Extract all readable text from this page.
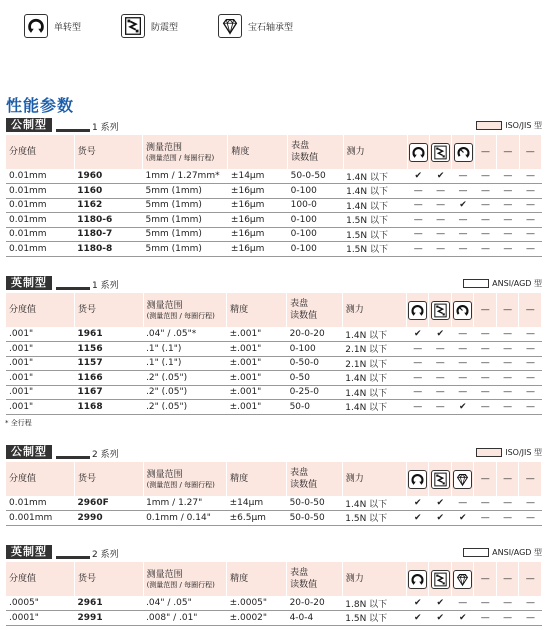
单转型	防震型	宝石轴承型
性能参数
公制型	1 系列	ISO/JIS 型
分度值	货号	测量范围
(测量范围 / 每圈行程)	精度	表盘
读数值	测力				—	—	—
0.01mm	1960	1mm / 1.27mm*	±14μm	50-0-50	1.4N 以下	✔	✔	—	—	—	—
0.01mm	1160	5mm (1mm)	±16μm	0-100	1.4N 以下	—	—	—	—	—	—
0.01mm	1162	5mm (1mm)	±16μm	100-0	1.4N 以下	—	—	✔	—	—	—
0.01mm	1180-6	5mm (1mm)	±16μm	0-100	1.5N 以下	—	—	—	—	—	—
0.01mm	1180-7	5mm (1mm)	±16μm	0-100	1.5N 以下	—	—	—	—	—	—
0.01mm	1180-8	5mm (1mm)	±16μm	0-100	1.5N 以下	—	—	—	—	—	—
英制型	1 系列	ANSI/AGD 型
分度值	货号	测量范围
(测量范围 / 每圈行程)	精度	表盘
读数值	测力				—	—	—
.001"	1961	.04" / .05"*	±.001"	20-0-20	1.4N 以下	✔	✔	—	—	—	—
.001"	1156	.1" (.1")	±.001"	0-100	2.1N 以下	—	—	—	—	—	—
.001"	1157	.1" (.1")	±.001"	0-50-0	2.1N 以下	—	—	—	—	—	—
.001"	1166	.2" (.05")	±.001"	0-50	1.4N 以下	—	—	—	—	—	—
.001"	1167	.2" (.05")	±.001"	0-25-0	1.4N 以下	—	—	—	—	—	—
.001"	1168	.2" (.05")	±.001"	50-0	1.4N 以下	—	—	✔	—	—	—
公制型	2 系列	ISO/JIS 型
分度值	货号	测量范围
(测量范围 / 每圈行程)	精度	表盘
读数值	测力				—	—	—
0.01mm	2960F	1mm / 1.27"	±14μm	50-0-50	1.4N 以下	✔	✔	—	—	—	—
0.001mm	2990	0.1mm / 0.14"	±6.5μm	50-0-50	1.5N 以下	✔	✔	✔	—	—	—
英制型	2 系列	ANSI/AGD 型
分度值	货号	测量范围
(测量范围 / 每圈行程)	精度	表盘
读数值	测力				—	—	—
.0005"	2961	.04" / .05"	±.0005"	20-0-20	1.8N 以下	✔	✔	—	—	—	—
.0001"	2991	.008" / .01"	±.0002"	4-0-4	1.5N 以下	✔	✔	✔	—	—	—
* 全行程
